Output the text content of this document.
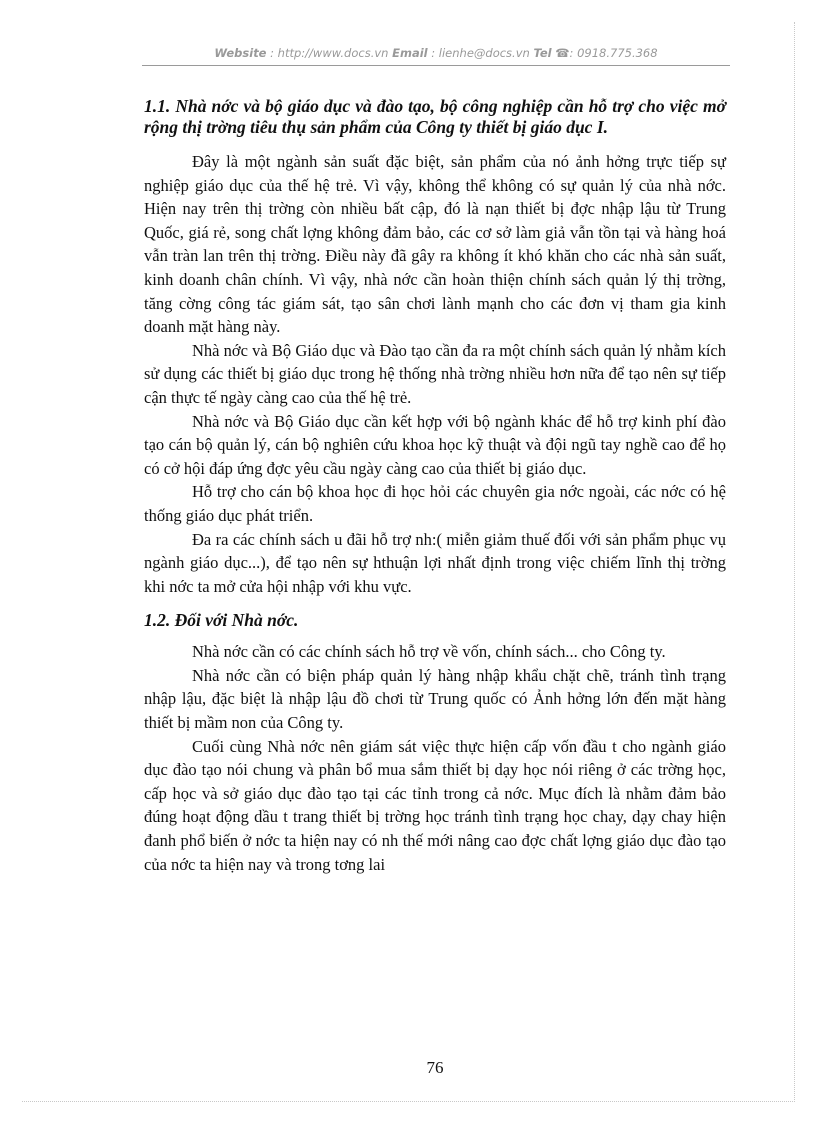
Website : http://www.docs.vn Email : lienhe@docs.vn Tel ☎: 0918.775.368
1.1. Nhà nớc và bộ giáo dục và đào tạo, bộ công nghiệp cần hỗ trợ cho việc mở rộng thị trờng tiêu thụ sản phẩm của Công ty thiết bị giáo dục I.

Đây là một ngành sản suất đặc biệt, sản phẩm của nó ảnh hởng trực tiếp sự nghiệp giáo dục của thế hệ trẻ. Vì vậy, không thể không có sự quản lý của nhà nớc. Hiện nay trên thị trờng còn nhiều bất cập, đó là nạn thiết bị đợc nhập lậu từ Trung Quốc, giá rẻ, song chất lợng không đảm bảo, các cơ sở làm giả vẫn tồn tại và hàng hoá vẫn tràn lan trên thị trờng. Điều này đã gây ra không ít khó khăn cho các nhà sản suất, kinh doanh chân chính. Vì vậy, nhà nớc cần hoàn thiện chính sách quản lý thị trờng, tăng cờng công tác giám sát, tạo sân chơi lành mạnh cho các đơn vị tham gia kinh doanh mặt hàng này.

Nhà nớc và Bộ Giáo dục và Đào tạo cần đa ra một chính sách quản lý nhằm kích sử dụng các thiết bị giáo dục trong hệ thống nhà trờng nhiều hơn nữa để tạo nên sự tiếp cận thực tế ngày càng cao của thế hệ trẻ.

Nhà nớc và Bộ Giáo dục cần kết hợp với bộ ngành khác để hỗ trợ kinh phí đào tạo cán bộ quản lý, cán bộ nghiên cứu khoa học kỹ thuật và đội ngũ tay nghề cao để họ có cở hội đáp ứng đợc yêu cầu ngày càng cao của thiết bị giáo dục.

Hỗ trợ cho cán bộ khoa học đi học hỏi các chuyên gia nớc ngoài, các nớc có hệ thống giáo dục phát triển.

Đa ra các chính sách u đãi hỗ trợ nh:( miễn giảm thuế đối với sản phẩm phục vụ ngành giáo dục...), để tạo nên sự hthuận lợi nhất định trong việc chiếm lĩnh thị trờng khi nớc ta mở cửa hội nhập với khu vực.

1.2. Đối với Nhà nớc.

Nhà nớc cần có các chính sách hỗ trợ về vốn, chính sách... cho Công ty.

Nhà nớc cần có biện pháp quản lý hàng nhập khẩu chặt chẽ, tránh tình trạng nhập lậu, đặc biệt là nhập lậu đồ chơi từ Trung quốc có Ảnh hởng lớn đến mặt hàng thiết bị mầm non của Công ty.

Cuối cùng Nhà nớc nên giám sát việc thực hiện cấp vốn đầu t cho ngành giáo dục đào tạo nói chung và phân bổ mua sắm thiết bị dạy học nói riêng ở các trờng học, cấp học và sở giáo dục đào tạo tại các tỉnh trong cả nớc. Mục đích là nhằm đảm bảo đúng hoạt động dầu t trang thiết bị trờng học tránh tình trạng học chay, dạy chay hiện đanh phổ biến ở nớc ta hiện nay có nh thế mới nâng cao đợc chất lợng giáo dục đào tạo của nớc ta hiện nay và trong tơng lai

76
